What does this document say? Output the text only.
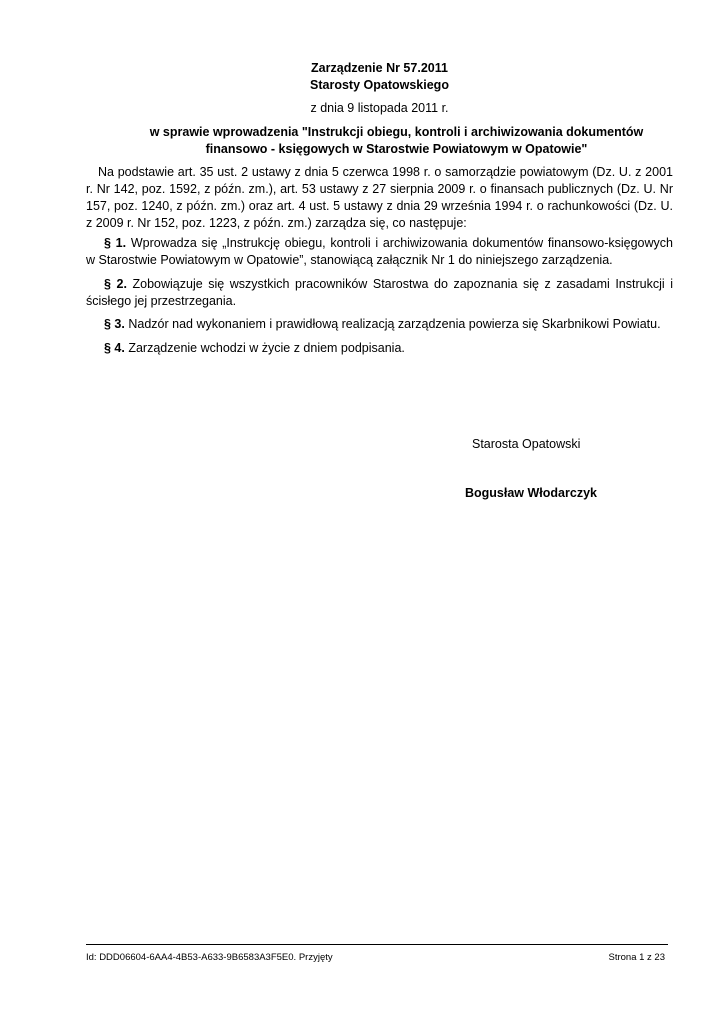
Zarządzenie Nr 57.2011
Starosty Opatowskiego
z dnia 9 listopada 2011 r.
w sprawie wprowadzenia "Instrukcji obiegu, kontroli i archiwizowania dokumentów finansowo - księgowych w Starostwie Powiatowym w Opatowie"
Na podstawie art. 35 ust. 2 ustawy z dnia 5 czerwca 1998 r. o samorządzie powiatowym (Dz. U. z 2001 r. Nr 142, poz. 1592, z późn. zm.), art. 53 ustawy z 27 sierpnia 2009 r. o finansach publicznych (Dz. U. Nr 157, poz. 1240, z późn. zm.) oraz art. 4 ust. 5 ustawy z dnia 29 września 1994 r. o rachunkowości (Dz. U. z 2009 r. Nr 152, poz. 1223, z późn. zm.) zarządza się, co następuje:
§ 1. Wprowadza się „Instrukcję obiegu, kontroli i archiwizowania dokumentów finansowo-księgowych w Starostwie Powiatowym w Opatowie”, stanowiącą załącznik Nr 1 do niniejszego zarządzenia.
§ 2. Zobowiązuje się wszystkich pracowników Starostwa do zapoznania się z zasadami Instrukcji i ścisłego jej przestrzegania.
§ 3. Nadzór nad wykonaniem i prawidłową realizacją zarządzenia powierza się Skarbnikowi Powiatu.
§ 4. Zarządzenie wchodzi w życie z dniem podpisania.
Starosta Opatowski
Bogusław Włodarczyk
Id: DDD06604-6AA4-4B53-A633-9B6583A3F5E0. Przyjęty	Strona 1 z 23
